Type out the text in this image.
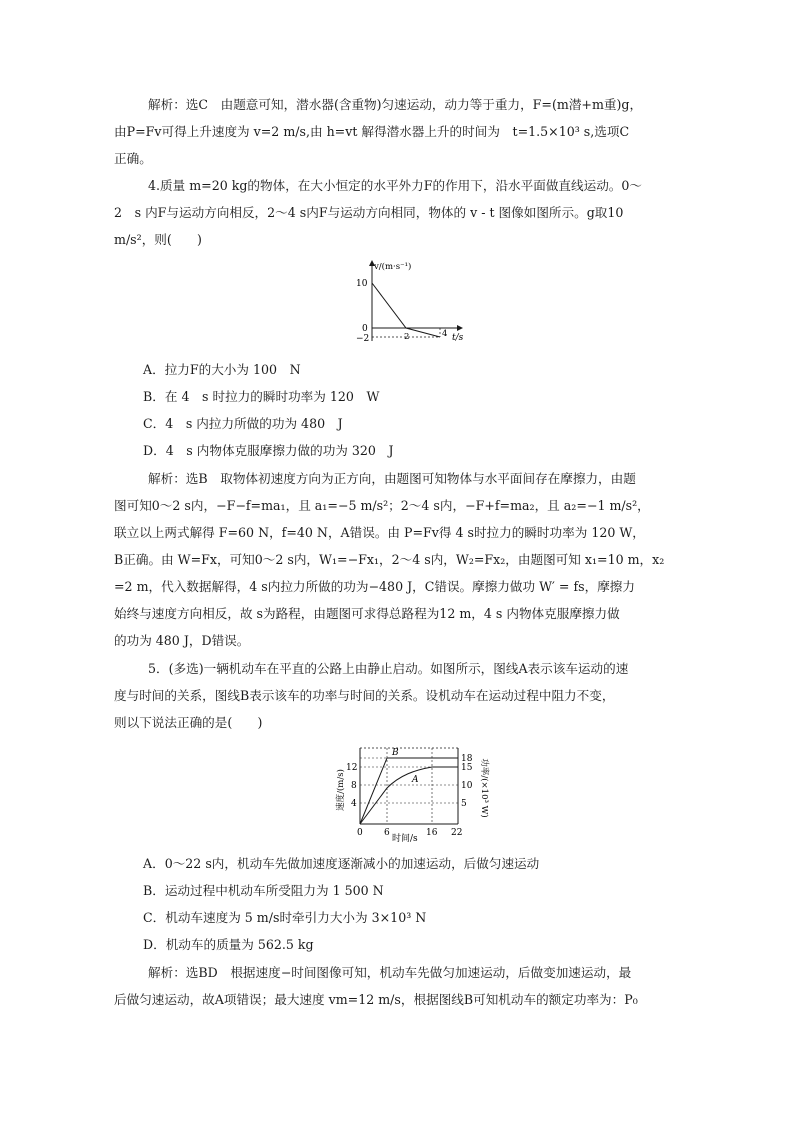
解析：选C　由题意可知，潜水器(含重物)匀速运动，动力等于重力，F=(m潜+m重)g，
由P=Fv可得上升速度为 v=2 m/s,由 h=vt 解得潜水器上升的时间为　t=1.5×10³ s,选项C
正确。
4.质量 m=20 kg的物体，在大小恒定的水平外力F的作用下，沿水平面做直线运动。0～
2　s 内F与运动方向相反，2～4 s内F与运动方向相同，物体的 v - t 图像如图所示。g取10
m/s²，则(　　)
v/(m·s⁻¹)
t/s
10
0
−2	2	4
A．拉力F的大小为 100　N
B．在 4　s 时拉力的瞬时功率为 120　W
C．4　s 内拉力所做的功为 480　J
D．4　s 内物体克服摩擦力做的功为 320　J
解析：选B　取物体初速度方向为正方向，由题图可知物体与水平面间存在摩擦力，由题
图可知0～2 s内，−F−f=ma₁，且 a₁=−5 m/s²；2～4 s内，−F+f=ma₂，且 a₂=−1 m/s²，
联立以上两式解得 F=60 N，f=40 N，A错误。由 P=Fv得 4 s时拉力的瞬时功率为 120 W，
B正确。由 W=Fx，可知0～2 s内，W₁=−Fx₁，2～4 s内，W₂=Fx₂，由题图可知 x₁=10 m，x₂
=2 m，代入数据解得，4 s内拉力所做的功为−480 J，C错误。摩擦力做功 W′ = fs，摩擦力
始终与速度方向相反，故 s为路程，由题图可求得总路程为12 m，4 s 内物体克服摩擦力做
的功为 480 J，D错误。
5．(多选)一辆机动车在平直的公路上由静止启动。如图所示，图线A表示该车运动的速
度与时间的关系，图线B表示该车的功率与时间的关系。设机动车在运动过程中阻力不变，
则以下说法正确的是(　　)
B
A
12
8
4
18
15
10
5
0 6	16 22
时间/s
速度/(m/s)	功率/(×10³ W)
A．0～22 s内，机动车先做加速度逐渐减小的加速运动，后做匀速运动
B．运动过程中机动车所受阻力为 1 500 N
C．机动车速度为 5 m/s时牵引力大小为 3×10³ N
D．机动车的质量为 562.5 kg
解析：选BD　根据速度−时间图像可知，机动车先做匀加速运动，后做变加速运动，最
后做匀速运动，故A项错误；最大速度 vm=12 m/s，根据图线B可知机动车的额定功率为：P₀
